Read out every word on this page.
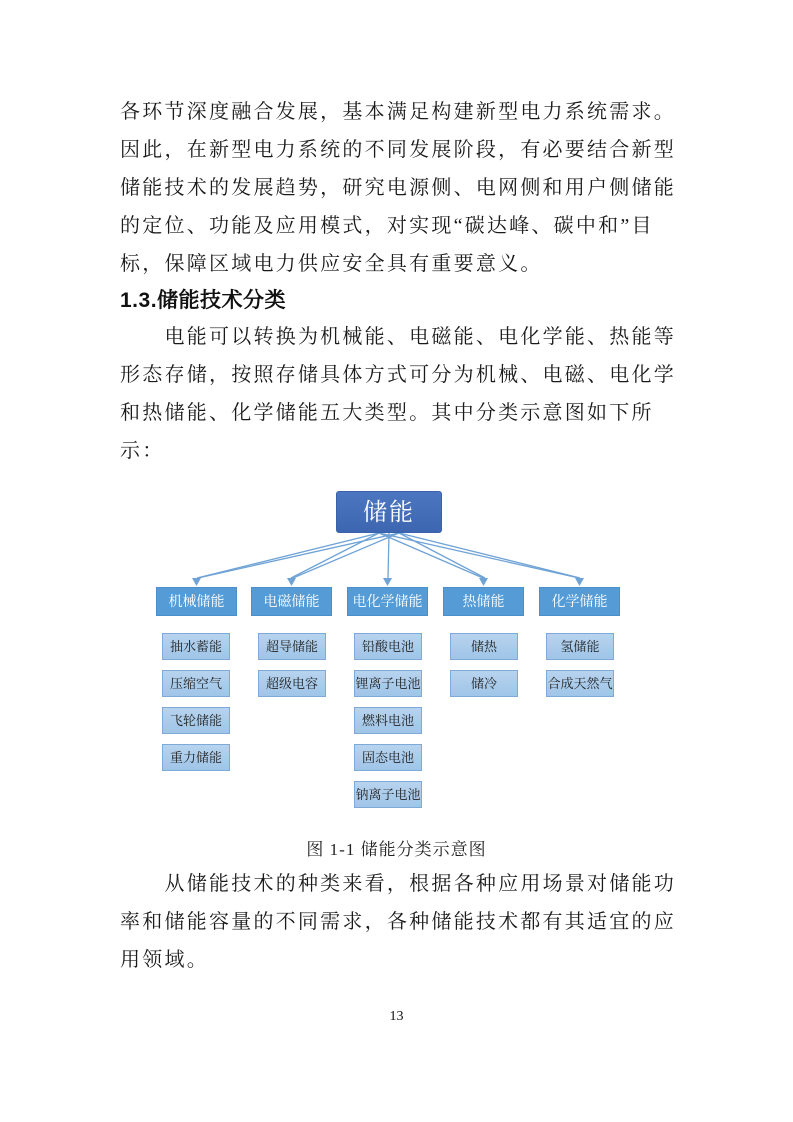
各环节深度融合发展，基本满足构建新型电力系统需求。
因此，在新型电力系统的不同发展阶段，有必要结合新型
储能技术的发展趋势，研究电源侧、电网侧和用户侧储能
的定位、功能及应用模式，对实现“碳达峰、碳中和”目
标，保障区域电力供应安全具有重要意义。
1.3.储能技术分类
电能可以转换为机械能、电磁能、电化学能、热能等
形态存储，按照存储具体方式可分为机械、电磁、电化学
和热储能、化学储能五大类型。其中分类示意图如下所
示：
储能
机械储能	电磁储能	电化学储能	热储能	化学储能
抽水蓄能
压缩空气
飞轮储能
重力储能
超导储能
超级电容
铅酸电池
锂离子电池
燃料电池
固态电池
钠离子电池
储热
储冷
氢储能
合成天然气
图 1-1 储能分类示意图
从储能技术的种类来看，根据各种应用场景对储能功
率和储能容量的不同需求，各种储能技术都有其适宜的应
用领域。
13
